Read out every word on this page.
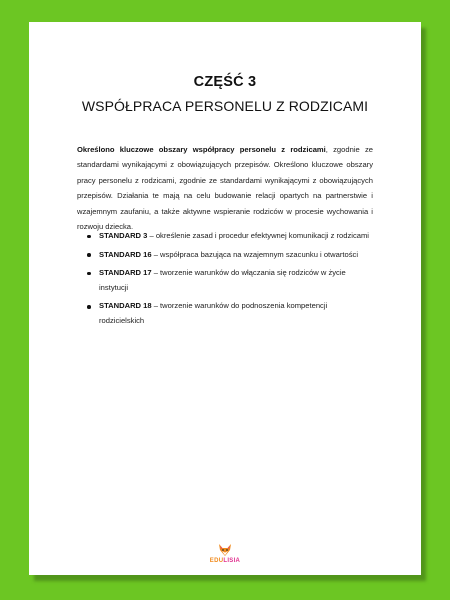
CZĘŚĆ 3
WSPÓŁPRACA PERSONELU Z RODZICAMI

Określono kluczowe obszary współpracy personelu z rodzicami, zgodnie ze standardami wynikającymi z obowiązujących przepisów. Określono kluczowe obszary pracy personelu z rodzicami, zgodnie ze standardami wynikającymi z obowiązujących przepisów. Działania te mają na celu budowanie relacji opartych na partnerstwie i wzajemnym zaufaniu, a także aktywne wspieranie rodziców w procesie wychowania i rozwoju dziecka.

STANDARD 3 – określenie zasad i procedur efektywnej komunikacji z rodzicami
STANDARD 16 – współpraca bazująca na wzajemnym szacunku i otwartości
STANDARD 17 – tworzenie warunków do włączania się rodziców w życie instytucji
STANDARD 18 – tworzenie warunków do podnoszenia kompetencji rodzicielskich
EDULISIA
